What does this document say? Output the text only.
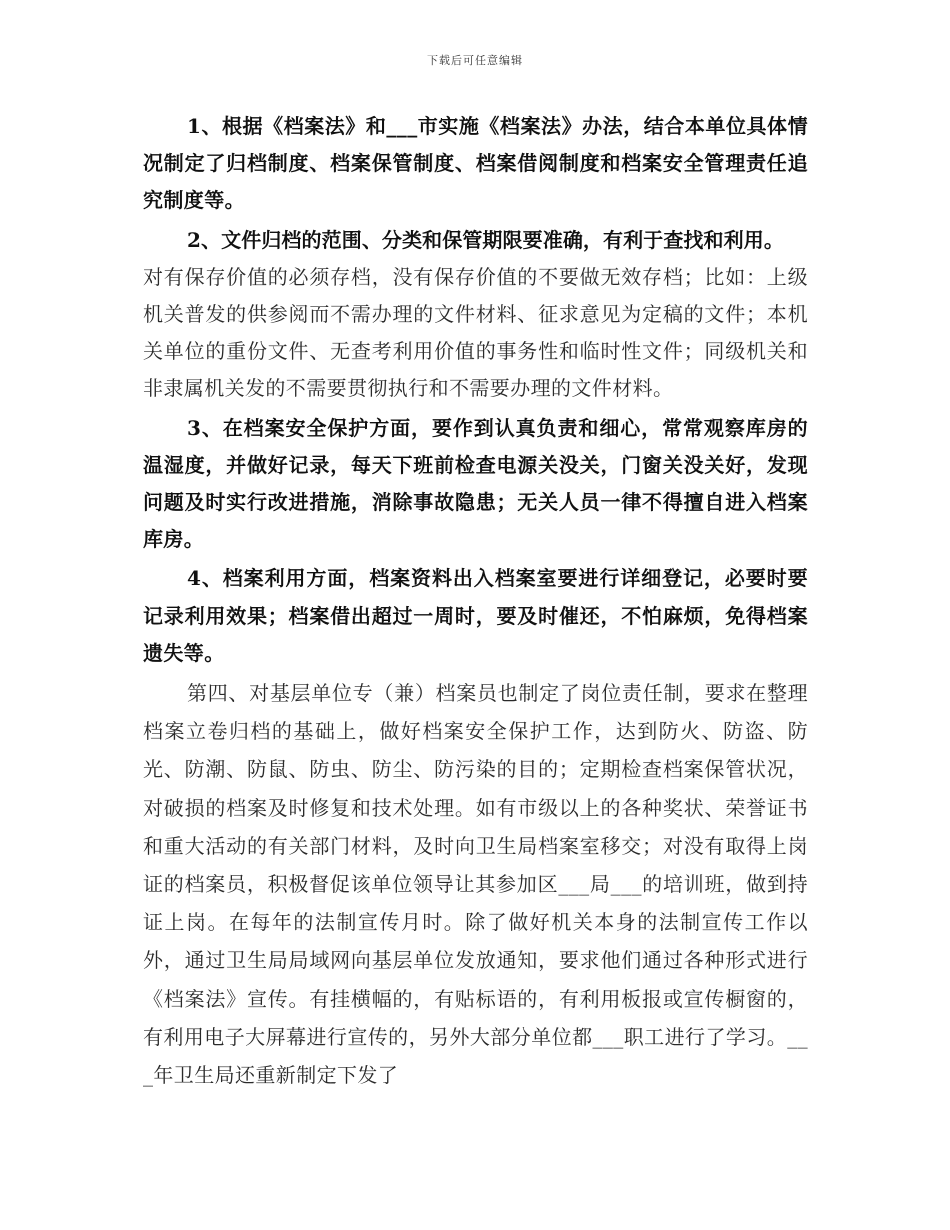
下载后可任意编辑

1、根据《档案法》和___市实施《档案法》办法，结合本单位具体情况制定了归档制度、档案保管制度、档案借阅制度和档案安全管理责任追究制度等。

2、文件归档的范围、分类和保管期限要准确，有利于查找和利用。

对有保存价值的必须存档，没有保存价值的不要做无效存档；比如：上级机关普发的供参阅而不需办理的文件材料、征求意见为定稿的文件；本机关单位的重份文件、无查考利用价值的事务性和临时性文件；同级机关和非隶属机关发的不需要贯彻执行和不需要办理的文件材料。

3、在档案安全保护方面，要作到认真负责和细心，常常观察库房的温湿度，并做好记录，每天下班前检查电源关没关，门窗关没关好，发现问题及时实行改进措施，消除事故隐患；无关人员一律不得擅自进入档案库房。

4、档案利用方面，档案资料出入档案室要进行详细登记，必要时要记录利用效果；档案借出超过一周时，要及时催还，不怕麻烦，免得档案遗失等。

第四、对基层单位专（兼）档案员也制定了岗位责任制，要求在整理档案立卷归档的基础上，做好档案安全保护工作，达到防火、防盗、防光、防潮、防鼠、防虫、防尘、防污染的目的；定期检查档案保管状况，对破损的档案及时修复和技术处理。如有市级以上的各种奖状、荣誉证书和重大活动的有关部门材料，及时向卫生局档案室移交；对没有取得上岗证的档案员，积极督促该单位领导让其参加区___局___的培训班，做到持证上岗。在每年的法制宣传月时。除了做好机关本身的法制宣传工作以外，通过卫生局局域网向基层单位发放通知，要求他们通过各种形式进行《档案法》宣传。有挂横幅的，有贴标语的，有利用板报或宣传橱窗的，有利用电子大屏幕进行宣传的，另外大部分单位都___职工进行了学习。___年卫生局还重新制定下发了
